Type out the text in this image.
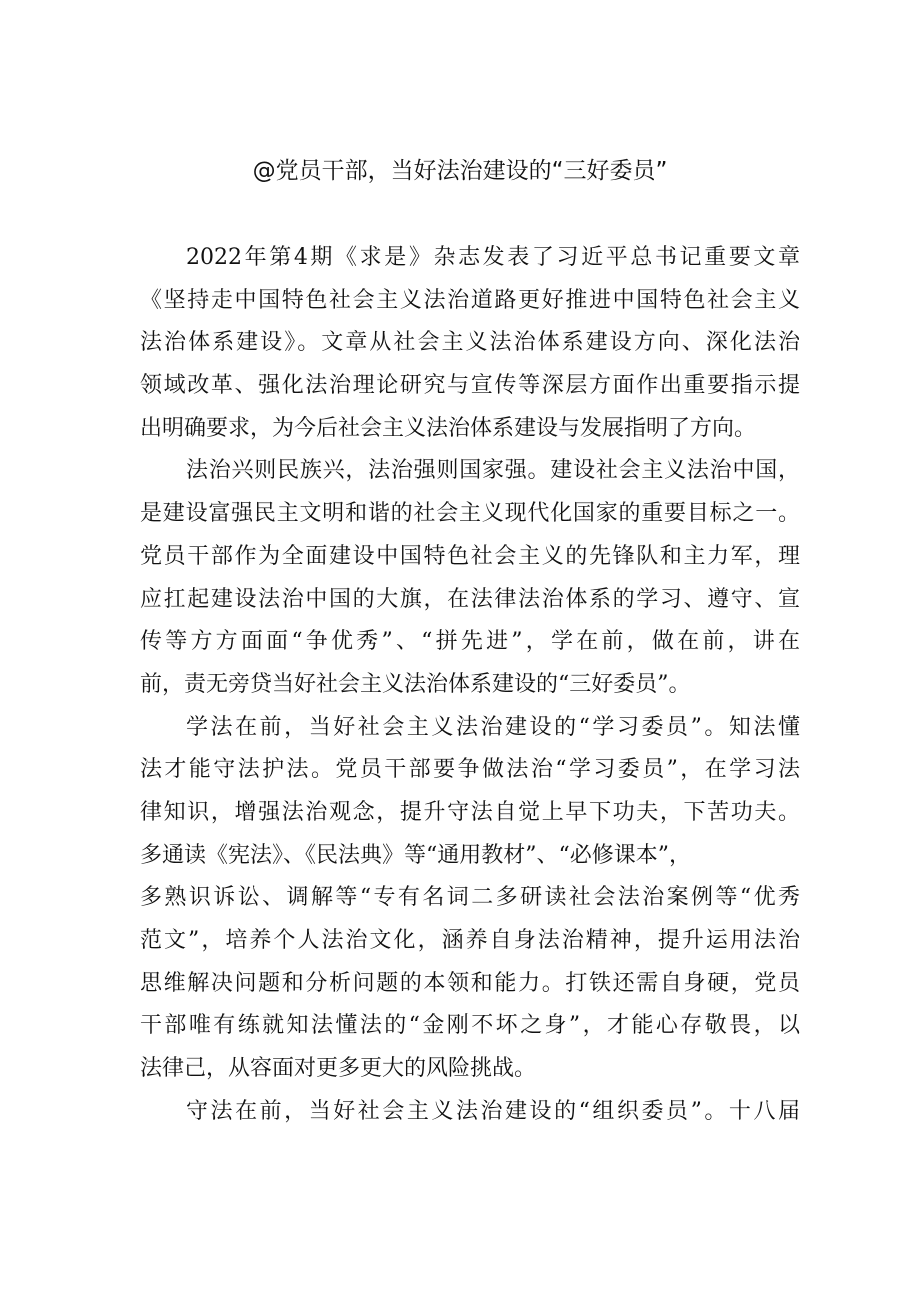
@党员干部，当好法治建设的“三好委员”
2022年第4期《求是》杂志发表了习近平总书记重要文章
《坚持走中国特色社会主义法治道路更好推进中国特色社会主义
法治体系建设》。文章从社会主义法治体系建设方向、深化法治
领域改革、强化法治理论研究与宣传等深层方面作出重要指示提
出明确要求，为今后社会主义法治体系建设与发展指明了方向。
法治兴则民族兴，法治强则国家强。建设社会主义法治中国，
是建设富强民主文明和谐的社会主义现代化国家的重要目标之一。
党员干部作为全面建设中国特色社会主义的先锋队和主力军，理
应扛起建设法治中国的大旗，在法律法治体系的学习、遵守、宣
传等方方面面“争优秀”、“拼先进”，学在前，做在前，讲在
前，责无旁贷当好社会主义法治体系建设的“三好委员”。
学法在前，当好社会主义法治建设的“学习委员”。知法懂
法才能守法护法。党员干部要争做法治“学习委员”，在学习法
律知识，增强法治观念，提升守法自觉上早下功夫，下苦功夫。
多通读《宪法》、《民法典》等“通用教材”、“必修课本”，
多熟识诉讼、调解等“专有名词二多研读社会法治案例等“优秀
范文”，培养个人法治文化，涵养自身法治精神，提升运用法治
思维解决问题和分析问题的本领和能力。打铁还需自身硬，党员
干部唯有练就知法懂法的“金刚不坏之身”，才能心存敬畏，以
法律己，从容面对更多更大的风险挑战。
守法在前，当好社会主义法治建设的“组织委员”。十八届
